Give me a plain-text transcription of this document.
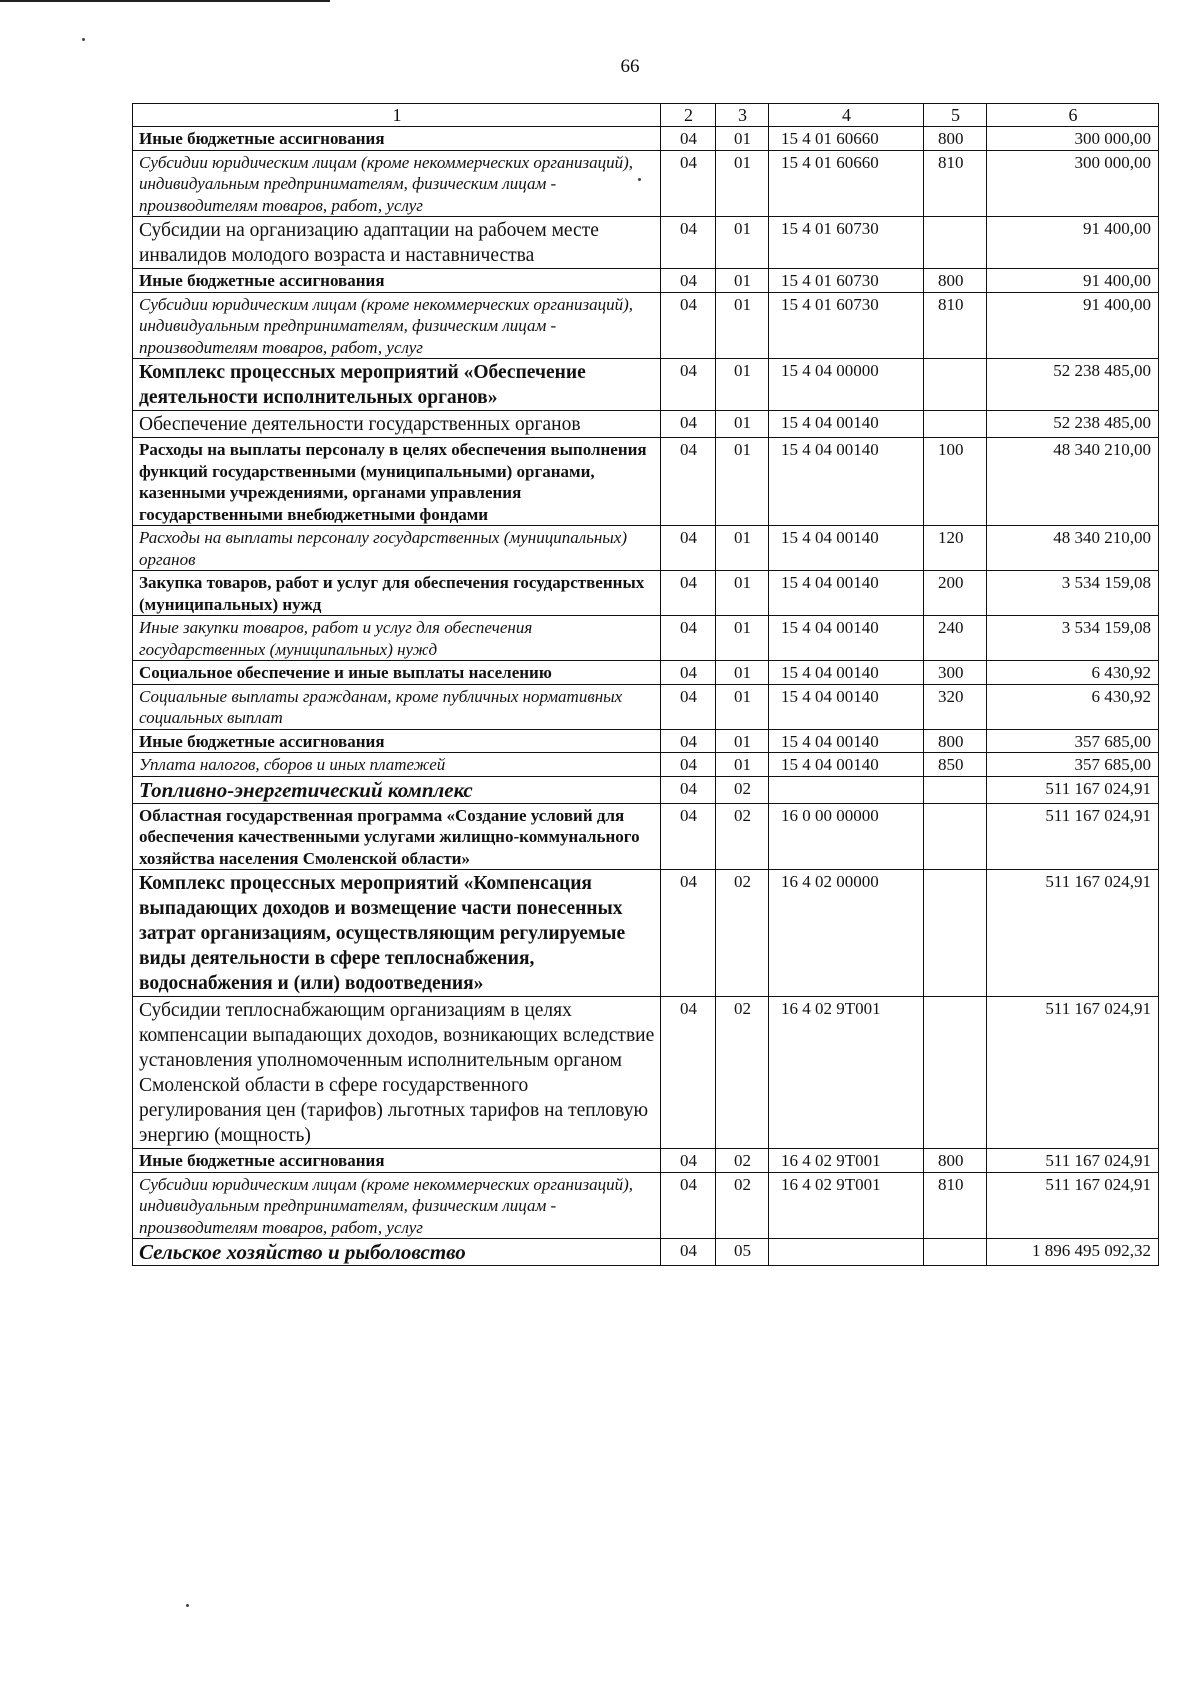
66
1	2	3	4	5	6
Иные бюджетные ассигнования	04	01	15 4 01 60660	800	300 000,00
Субсидии юридическим лицам (кроме некоммерческих организаций), индивидуальным предпринимателям, физическим лицам - производителям товаров, работ, услуг	04	01	15 4 01 60660	810	300 000,00
Субсидии на организацию адаптации на рабочем месте инвалидов молодого возраста и наставничества	04	01	15 4 01 60730		91 400,00
Иные бюджетные ассигнования	04	01	15 4 01 60730	800	91 400,00
Субсидии юридическим лицам (кроме некоммерческих организаций), индивидуальным предпринимателям, физическим лицам - производителям товаров, работ, услуг	04	01	15 4 01 60730	810	91 400,00
Комплекс процессных мероприятий «Обеспечение деятельности исполнительных органов»	04	01	15 4 04 00000		52 238 485,00
Обеспечение деятельности государственных органов	04	01	15 4 04 00140		52 238 485,00
Расходы на выплаты персоналу в целях обеспечения выполнения функций государственными (муниципальными) органами, казенными учреждениями, органами управления государственными внебюджетными фондами	04	01	15 4 04 00140	100	48 340 210,00
Расходы на выплаты персоналу государственных (муниципальных) органов	04	01	15 4 04 00140	120	48 340 210,00
Закупка товаров, работ и услуг для обеспечения государственных (муниципальных) нужд	04	01	15 4 04 00140	200	3 534 159,08
Иные закупки товаров, работ и услуг для обеспечения государственных (муниципальных) нужд	04	01	15 4 04 00140	240	3 534 159,08
Социальное обеспечение и иные выплаты населению	04	01	15 4 04 00140	300	6 430,92
Социальные выплаты гражданам, кроме публичных нормативных социальных выплат	04	01	15 4 04 00140	320	6 430,92
Иные бюджетные ассигнования	04	01	15 4 04 00140	800	357 685,00
Уплата налогов, сборов и иных платежей	04	01	15 4 04 00140	850	357 685,00
Топливно-энергетический комплекс	04	02			511 167 024,91
Областная государственная программа «Создание условий для обеспечения качественными услугами жилищно-коммунального хозяйства населения Смоленской области»	04	02	16 0 00 00000		511 167 024,91
Комплекс процессных мероприятий «Компенсация выпадающих доходов и возмещение части понесенных затрат организациям, осуществляющим регулируемые виды деятельности в сфере теплоснабжения, водоснабжения и (или) водоотведения»	04	02	16 4 02 00000		511 167 024,91
Субсидии теплоснабжающим организациям в целях компенсации выпадающих доходов, возникающих вследствие установления уполномоченным исполнительным органом Смоленской области в сфере государственного регулирования цен (тарифов) льготных тарифов на тепловую энергию (мощность)	04	02	16 4 02 9Т001		511 167 024,91
Иные бюджетные ассигнования	04	02	16 4 02 9Т001	800	511 167 024,91
Субсидии юридическим лицам (кроме некоммерческих организаций), индивидуальным предпринимателям, физическим лицам - производителям товаров, работ, услуг	04	02	16 4 02 9Т001	810	511 167 024,91
Сельское хозяйство и рыболовство	04	05			1 896 495 092,32
